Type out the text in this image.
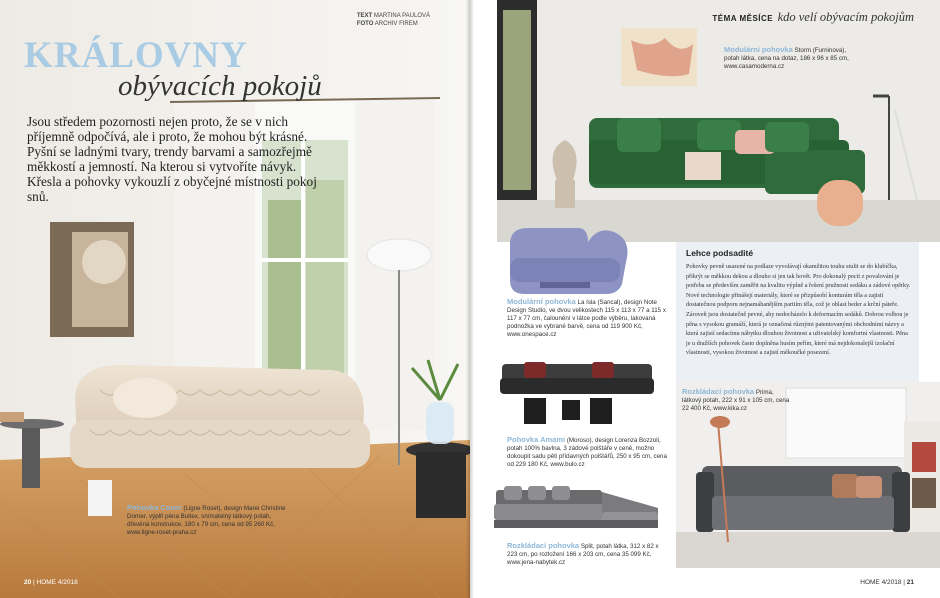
TEXT MARTINA PAULOVÁ
FOTO ARCHIV FIREM
KRÁLOVNY
obývacích pokojů
Jsou středem pozornosti nejen proto, že se v nich příjemně odpočívá, ale i proto, že mohou být krásné. Pyšní se ladnými tvary, trendy barvami a samozřejmě měkkostí a jemností. Na kterou si vytvoříte návyk. Křesla a pohovky vykouzlí z obyčejné místnosti pokoj snů.
Pohovka Cover (Ligne Roset), design Marei Christine Dorner, výplň pěna Bultex, snímatelný látkový potah, dřevěná konstrukce, 180 x 79 cm, cena od 95 260 Kč, www.ligne-roset-praha.cz
20 | HOME 4/2018
TÉMA MĚSÍCE kdo velí obývacím pokojům
Modulární pohovka Storm (Furninova), potah látka, cena na dotaz, 186 x 96 x 85 cm, www.casamoderna.cz
Modulární pohovka La Isla (Sancal), design Note Design Studio, ve dvou velikostech 115 x 113 x 77 a 115 x 117 x 77 cm, čalounění v látce podle výběru, lakovaná podnožka ve vybrané barvě, cena od 119 900 Kč, www.onespace.cz
Pohovka Amami (Moroso), design Lorenza Bozzoli, potah 100% bavlna, 3 zádové polštáře v ceně, možno dokoupit sadu pěti přídavných polštářů, 250 x 95 cm, cena od 229 180 Kč, www.bulo.cz
Rozkládací pohovka Split, potah látka, 312 x 82 x 223 cm, po rozložení 166 x 203 cm, cena 35 099 Kč, www.jena-nabytek.cz
Lehce podsadité

Pohovky pevně usazené na podlaze vyvolávají okamžitou touhu stulit se do klubíčka, přikrýt se měkkou dekou a dlouho si jen tak hovět. Pro dokonalý pocit z povalování je potřeba se především zaměřit na kvalitu výplně a řešení pružnosti sedáku a zádové opěrky. Nové technologie přinášejí materiály, které se přizpůsobí konturám těla a zajistí dostatečnou podporu nejnamáhanějším partiím těla, což je oblast beder a krční páteře. Zároveň jsou dostatečně pevné, aby nedocházelo k deformacím sedáků. Dobrou volbou je pěna s vysokou gramáží, která je označená různými patentovanými obchodními názvy a která zajistí sedacímu nábytku dlouhou životnost a uživatelský komfortní vlastnosti. Pěna je u dražších pohovek často doplněna husím peřím, které má nejdokonalejší izolační vlastnosti, vysokou životnost a zajistí měkoučké posezení.

Rozkládací pohovka Prima, látkový potah, 222 x 91 x 105 cm, cena 22 400 Kč, www.kika.cz
HOME 4/2018 | 21
